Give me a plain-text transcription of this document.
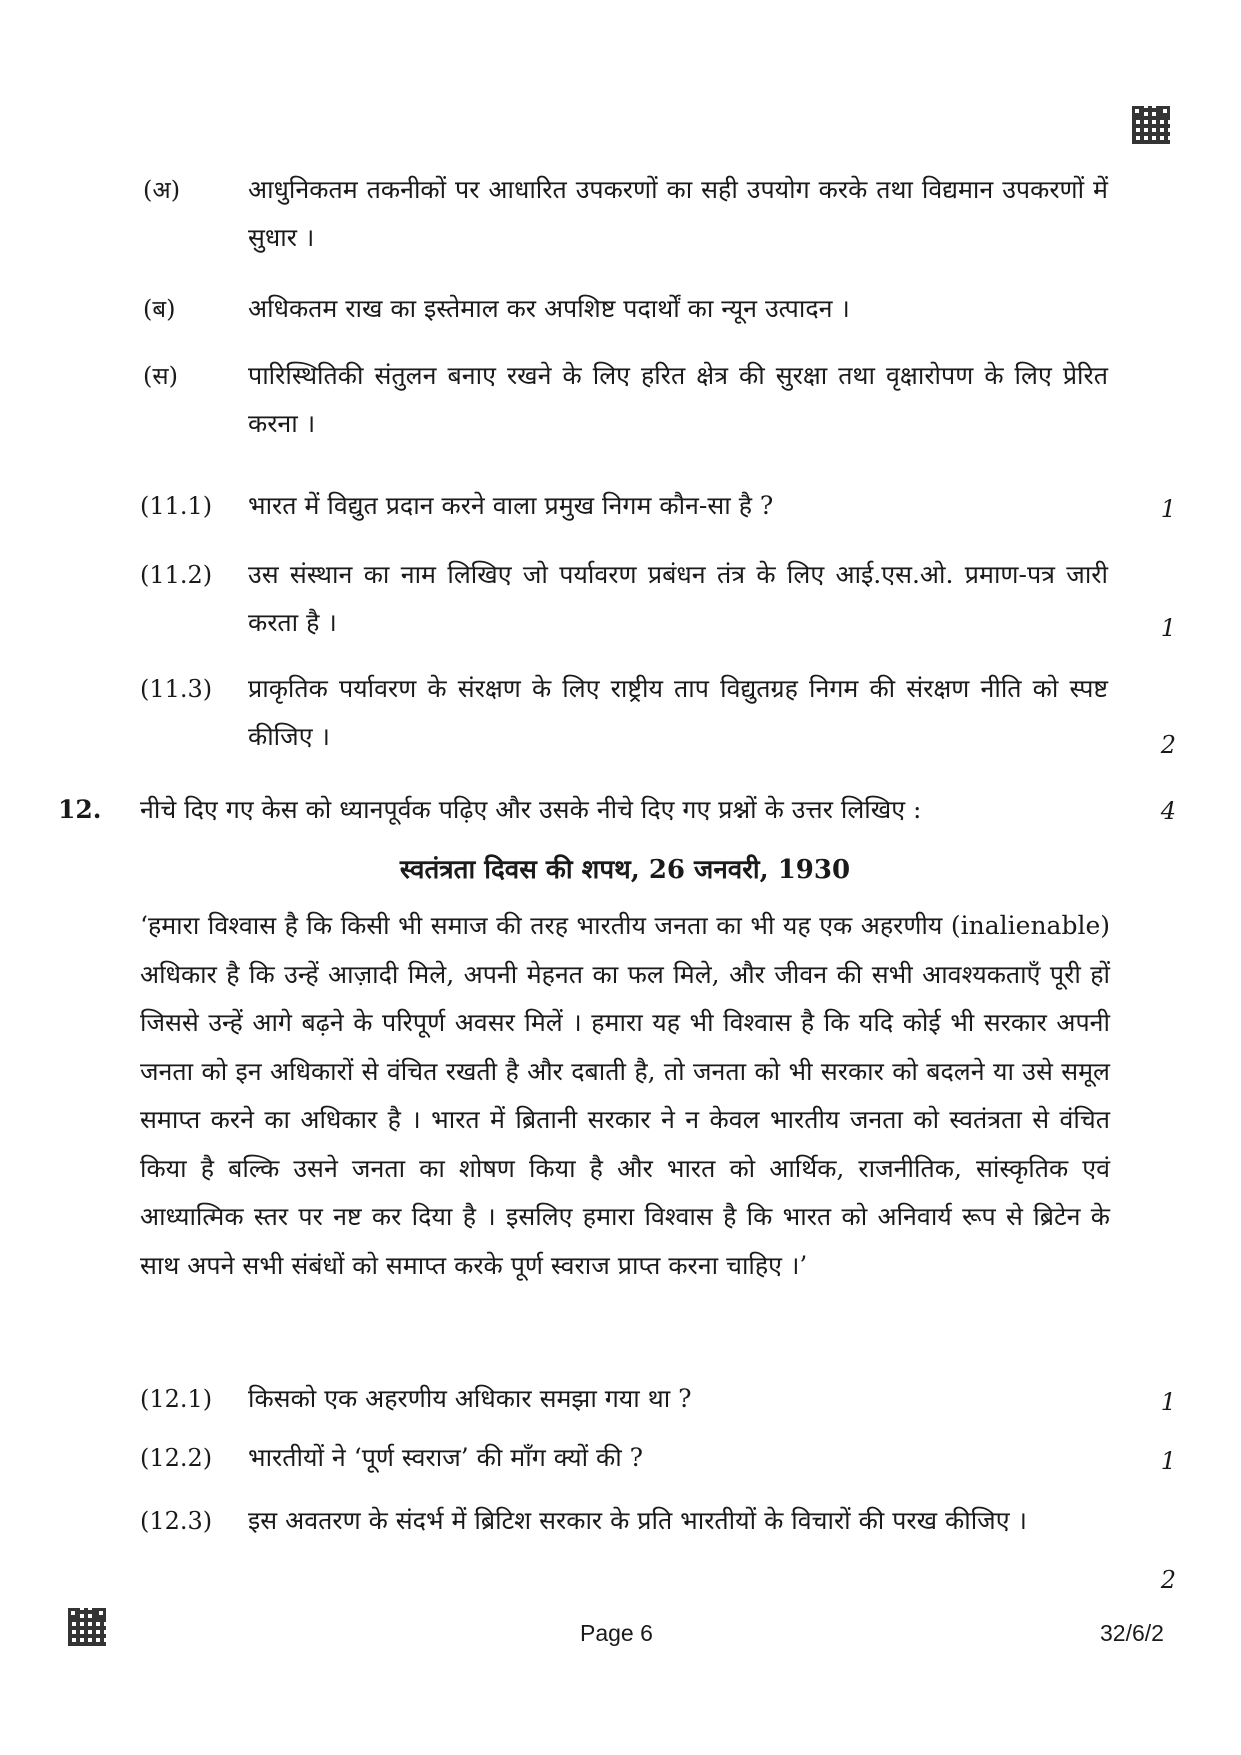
(अ)	आधुनिकतम तकनीकों पर आधारित उपकरणों का सही उपयोग करके तथा विद्यमान उपकरणों में सुधार ।
(ब)	अधिकतम राख का इस्तेमाल कर अपशिष्ट पदार्थों का न्यून उत्पादन ।
(स)	पारिस्थितिकी संतुलन बनाए रखने के लिए हरित क्षेत्र की सुरक्षा तथा वृक्षारोपण के लिए प्रेरित करना ।
(11.1) भारत में विद्युत प्रदान करने वाला प्रमुख निगम कौन-सा है ?	1
(11.2) उस संस्थान का नाम लिखिए जो पर्यावरण प्रबंधन तंत्र के लिए आई.एस.ओ. प्रमाण-पत्र जारी करता है ।	1
(11.3) प्राकृतिक पर्यावरण के संरक्षण के लिए राष्ट्रीय ताप विद्युतग्रह निगम की संरक्षण नीति को स्पष्ट कीजिए ।	2
12. नीचे दिए गए केस को ध्यानपूर्वक पढ़िए और उसके नीचे दिए गए प्रश्नों के उत्तर लिखिए :	4
स्वतंत्रता दिवस की शपथ, 26 जनवरी, 1930
‘हमारा विश्वास है कि किसी भी समाज की तरह भारतीय जनता का भी यह एक अहरणीय (inalienable) अधिकार है कि उन्हें आज़ादी मिले, अपनी मेहनत का फल मिले, और जीवन की सभी आवश्यकताएँ पूरी हों जिससे उन्हें आगे बढ़ने के परिपूर्ण अवसर मिलें । हमारा यह भी विश्वास है कि यदि कोई भी सरकार अपनी जनता को इन अधिकारों से वंचित रखती है और दबाती है, तो जनता को भी सरकार को बदलने या उसे समूल समाप्त करने का अधिकार है । भारत में ब्रितानी सरकार ने न केवल भारतीय जनता को स्वतंत्रता से वंचित किया है बल्कि उसने जनता का शोषण किया है और भारत को आर्थिक, राजनीतिक, सांस्कृतिक एवं आध्यात्मिक स्तर पर नष्ट कर दिया है । इसलिए हमारा विश्वास है कि भारत को अनिवार्य रूप से ब्रिटेन के साथ अपने सभी संबंधों को समाप्त करके पूर्ण स्वराज प्राप्त करना चाहिए ।’
(12.1) किसको एक अहरणीय अधिकार समझा गया था ?	1
(12.2) भारतीयों ने ‘पूर्ण स्वराज’ की माँग क्यों की ?	1
(12.3) इस अवतरण के संदर्भ में ब्रिटिश सरकार के प्रति भारतीयों के विचारों की परख कीजिए ।
2
Page 6	32/6/2
